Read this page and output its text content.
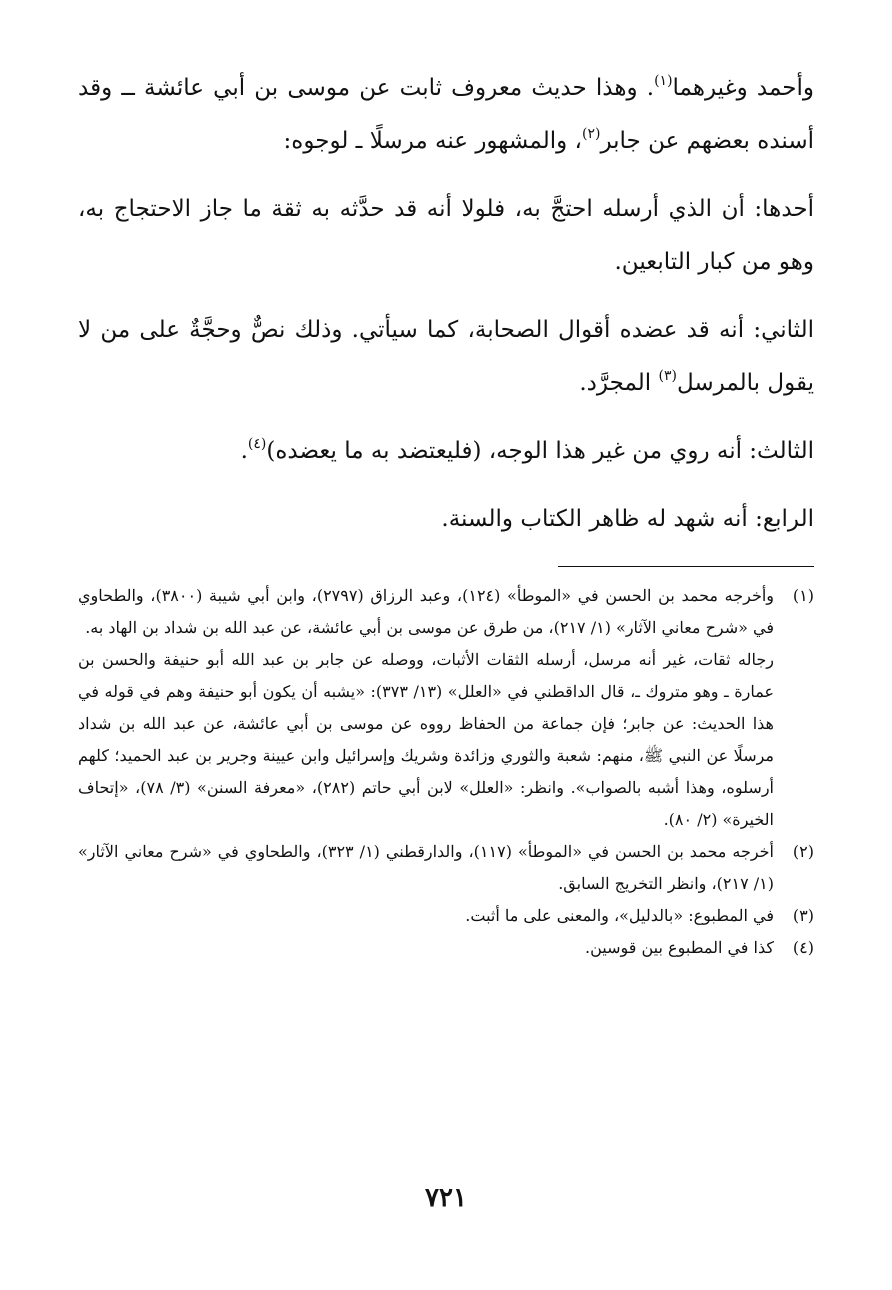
وأحمد وغيرهما$^{(١)}$. وهذا حديث معروف ثابت عن موسى بن أبي عائشة ــ وقد أسنده بعضهم عن جابر$^{(٢)}$، والمشهور عنه مرسلًا ـ لوجوه:

أحدها: أن الذي أرسله احتجَّ به، فلولا أنه قد حدَّثه به ثقة ما جاز الاحتجاج به، وهو من كبار التابعين.

الثاني: أنه قد عضده أقوال الصحابة، كما سيأتي. وذلك نصٌّ وحجَّةٌ على من لا يقول بالمرسل$^{(٣)}$ المجرَّد.

الثالث: أنه روي من غير هذا الوجه، (فليعتضد به ما يعضده)$^{(٤)}$.

الرابع: أنه شهد له ظاهر الكتاب والسنة.

(١)

وأخرجه محمد بن الحسن في «الموطأ» (١٢٤)، وعبد الرزاق (٢٧٩٧)، وابن أبي شيبة (٣٨٠٠)، والطحاوي في «شرح معاني الآثار» (١/ ٢١٧)، من طرق عن موسى بن أبي عائشة، عن عبد الله بن شداد بن الهاد به.

رجاله ثقات، غير أنه مرسل، أرسله الثقات الأثبات، ووصله عن جابر بن عبد الله أبو حنيفة والحسن بن عمارة ـ وهو متروك ـ، قال الداقطني في «العلل» (١٣/ ٣٧٣): «يشبه أن يكون أبو حنيفة وهم في قوله في هذا الحديث: عن جابر؛ فإن جماعة من الحفاظ رووه عن موسى بن أبي عائشة، عن عبد الله بن شداد مرسلًا عن النبي ﷺ، منهم: شعبة والثوري وزائدة وشريك وإسرائيل وابن عيينة وجرير بن عبد الحميد؛ كلهم أرسلوه، وهذا أشبه بالصواب». وانظر: «العلل» لابن أبي حاتم (٢٨٢)، «معرفة السنن» (٣/ ٧٨)، «إتحاف الخيرة» (٢/ ٨٠).

(٢)

أخرجه محمد بن الحسن في «الموطأ» (١١٧)، والدارقطني (١/ ٣٢٣)، والطحاوي في «شرح معاني الآثار» (١/ ٢١٧)، وانظر التخريج السابق.

(٣)

في المطبوع: «بالدليل»، والمعنى على ما أثبت.

(٤)

كذا في المطبوع بين قوسين.

٧٢١
